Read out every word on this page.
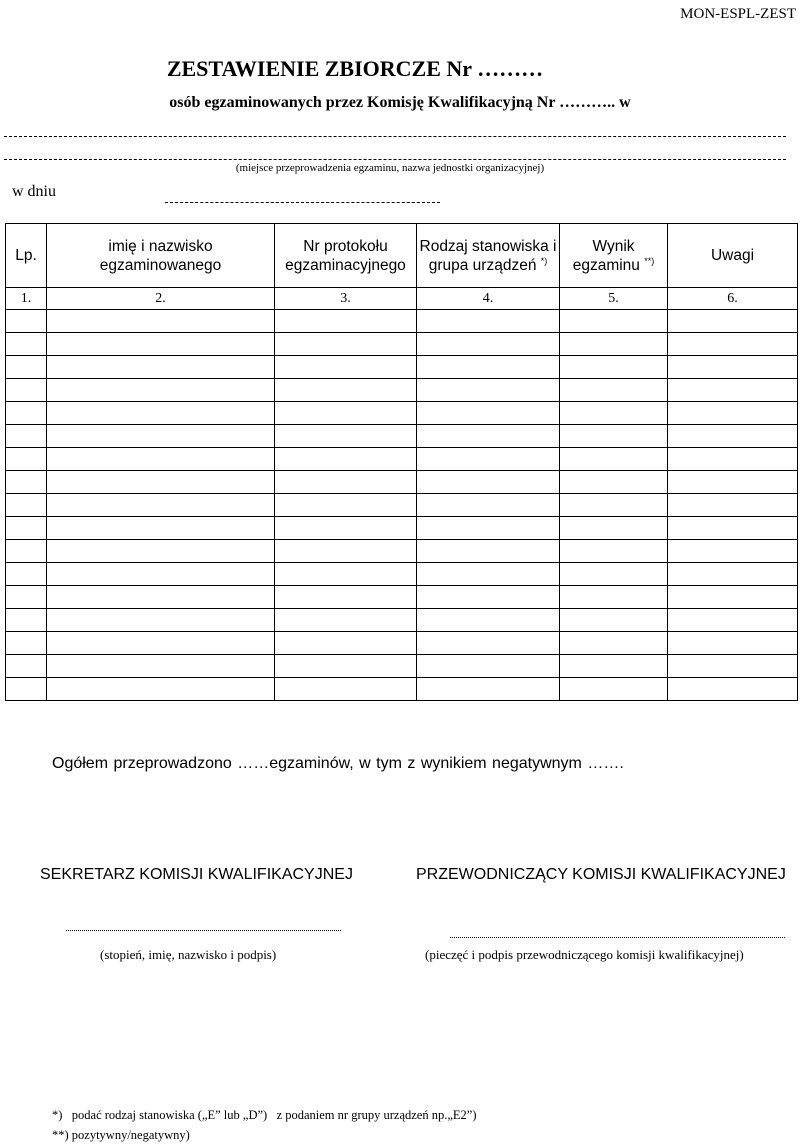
MON-ESPL-ZEST
ZESTAWIENIE ZBIORCZE Nr ………
osób egzaminowanych przez Komisję Kwalifikacyjną Nr ……….. w
(miejsce przeprowadzenia egzaminu, nazwa jednostki organizacyjnej)
w dniu
Lp.	imię i nazwisko egzaminowanego	Nr protokołu egzaminacyjnego	Rodzaj stanowiska i grupa urządzeń *)	Wynik egzaminu **)	Uwagi
1.	2.	3.	4.	5.	6.

Ogółem przeprowadzono ……egzaminów, w tym z wynikiem negatywnym …….
SEKRETARZ KOMISJI KWALIFIKACYJNEJ	PRZEWODNICZĄCY KOMISJI KWALIFIKACYJNEJ
(stopień, imię, nazwisko i podpis)	(pieczęć i podpis przewodniczącego komisji kwalifikacyjnej)
*)   podać rodzaj stanowiska („E” lub „D”)   z podaniem nr grupy urządzeń np.„E2”)
**) pozytywny/negatywny)
